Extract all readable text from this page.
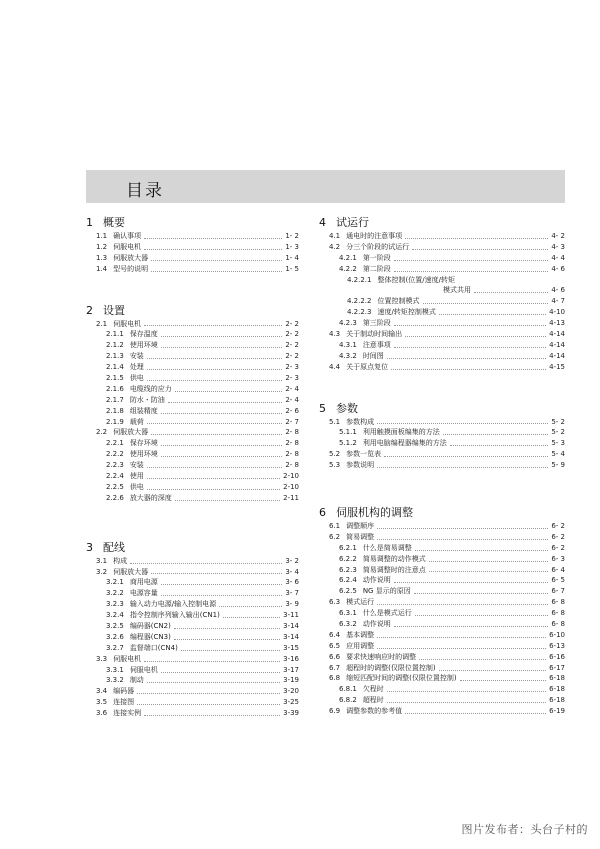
目录
1 概要
1.1 确认事项	1- 2
1.2 伺服电机	1- 3
1.3 伺服放大器	1- 4
1.4 型号的说明	1- 5
2 设置
2.1 伺服电机	2- 2
2.1.1 保存温度	2- 2
2.1.2 使用环境	2- 2
2.1.3 安装	2- 2
2.1.4 处理	2- 3
2.1.5 供电	2- 3
2.1.6 电缆线的应力	2- 4
2.1.7 防水・防油	2- 4
2.1.8 组装精度	2- 6
2.1.9 载荷	2- 7
2.2 伺服放大器	2- 8
2.2.1 保存环境	2- 8
2.2.2 使用环境	2- 8
2.2.3 安装	2- 8
2.2.4 使用	2-10
2.2.5 供电	2-10
2.2.6 放大器的深度	2-11
3 配线
3.1 构成	3- 2
3.2 伺服放大器	3- 4
3.2.1 商用电源	3- 6
3.2.2 电源容量	3- 7
3.2.3 输入动力电源/输入控制电源	3- 9
3.2.4 指令控制序列输入输出(CN1)	3-11
3.2.5 编码器(CN2)	3-14
3.2.6 编程器(CN3)	3-14
3.2.7 监督端口(CN4)	3-15
3.3 伺服电机	3-16
3.3.1 伺服电机	3-17
3.3.2 制动	3-19
3.4 编码器	3-20
3.5 连接图	3-25
3.6 连接实例	3-39
4 试运行
4.1 通电时的注意事项	4- 2
4.2 分三个阶段的试运行	4- 3
4.2.1 第一阶段	4- 4
4.2.2 第二阶段	4- 6
4.2.2.1 整体控制(位置/速度/转矩
模式共用	4- 6
4.2.2.2 位置控制模式	4- 7
4.2.2.3 速度/转矩控制模式	4-10
4.2.3 第三阶段	4-13
4.3 关于制动时间输出	4-14
4.3.1 注意事项	4-14
4.3.2 时间图	4-14
4.4 关于原点复位	4-15
5 参数
5.1 参数构成	5- 2
5.1.1 利用触摸面板编集的方法	5- 2
5.1.2 利用电脑编程器编集的方法	5- 3
5.2 参数一览表	5- 4
5.3 参数说明	5- 9
6 伺服机构的调整
6.1 调整顺序	6- 2
6.2 简易调整	6- 2
6.2.1 什么是简易调整	6- 2
6.2.2 简易调整的动作模式	6- 3
6.2.3 简易调整时的注意点	6- 4
6.2.4 动作说明	6- 5
6.2.5 NG 显示的原因	6- 7
6.3 模式运行	6- 8
6.3.1 什么是模式运行	6- 8
6.3.2 动作说明	6- 8
6.4 基本调整	6-10
6.5 应用调整	6-13
6.6 要求快速响应时的调整	6-16
6.7 超程时的调整(仅限位置控制)	6-17
6.8 缩短匹配时间的调整(仅限位置控制)	6-18
6.8.1 欠程时	6-18
6.8.2 超程时	6-18
6.9 调整参数的参考值	6-19
图片发布者：头台子村的
